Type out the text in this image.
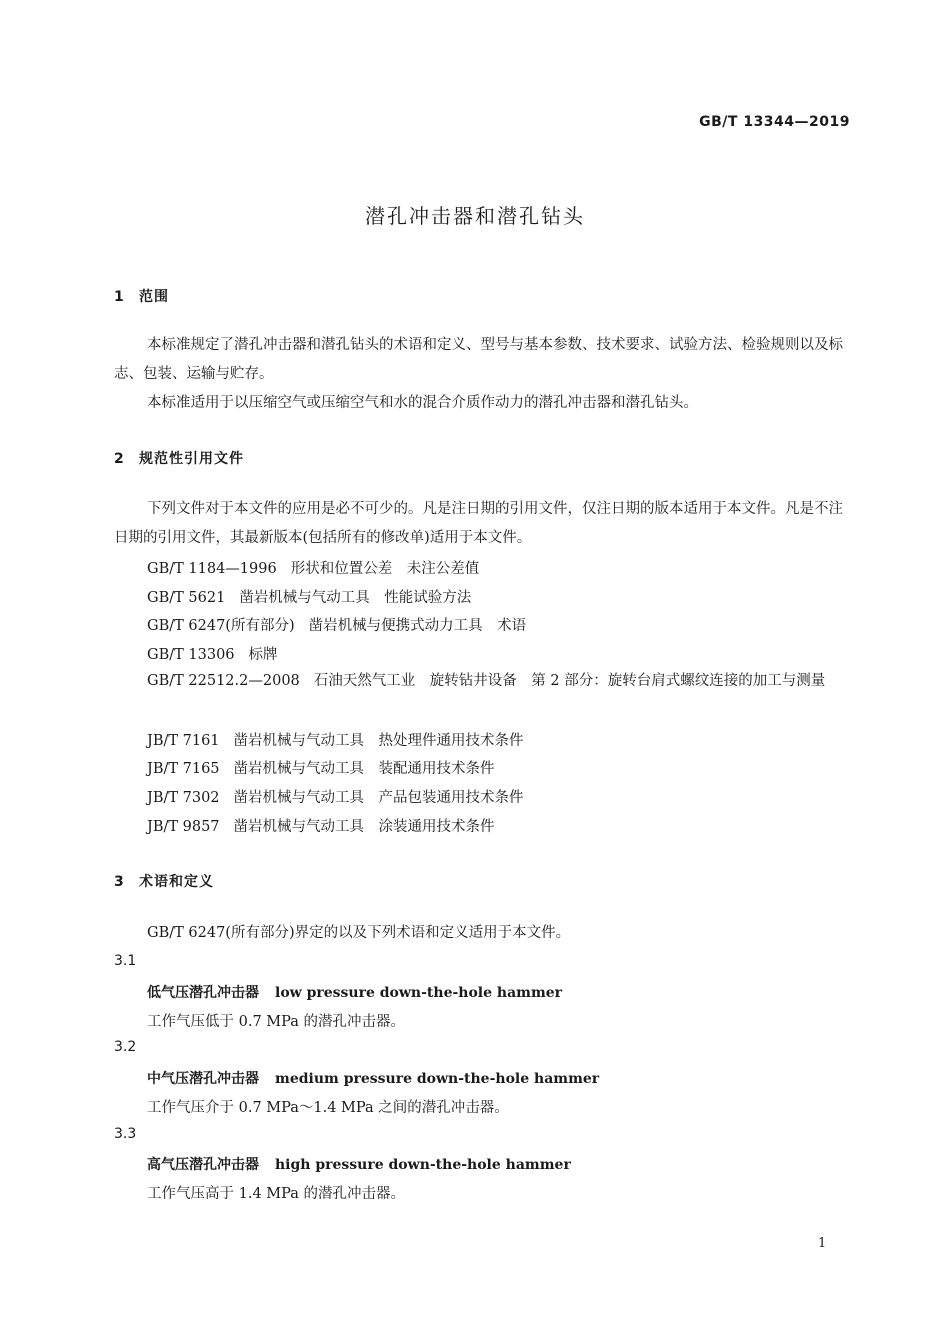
GB/T 13344—2019
潜孔冲击器和潜孔钻头
1 范围

本标准规定了潜孔冲击器和潜孔钻头的术语和定义、型号与基本参数、技术要求、试验方法、检验规则以及标志、包装、运输与贮存。

本标准适用于以压缩空气或压缩空气和水的混合介质作动力的潜孔冲击器和潜孔钻头。

2 规范性引用文件

下列文件对于本文件的应用是必不可少的。凡是注日期的引用文件，仅注日期的版本适用于本文件。凡是不注日期的引用文件，其最新版本(包括所有的修改单)适用于本文件。

GB/T 1184—1996 形状和位置公差　未注公差值
GB/T 5621 凿岩机械与气动工具　性能试验方法
GB/T 6247(所有部分) 凿岩机械与便携式动力工具　术语
GB/T 13306 标牌
GB/T 22512.2—2008 石油天然气工业　旋转钻井设备　第 2 部分：旋转台肩式螺纹连接的加工与测量
JB/T 7161 凿岩机械与气动工具　热处理件通用技术条件
JB/T 7165 凿岩机械与气动工具　装配通用技术条件
JB/T 7302 凿岩机械与气动工具　产品包装通用技术条件
JB/T 9857 凿岩机械与气动工具　涂装通用技术条件
3 术语和定义
GB/T 6247(所有部分)界定的以及下列术语和定义适用于本文件。
3.1
低气压潜孔冲击器 low pressure down-the-hole hammer
工作气压低于 0.7 MPa 的潜孔冲击器。
3.2
中气压潜孔冲击器 medium pressure down-the-hole hammer
工作气压介于 0.7 MPa～1.4 MPa 之间的潜孔冲击器。
3.3
高气压潜孔冲击器 high pressure down-the-hole hammer
工作气压高于 1.4 MPa 的潜孔冲击器。
1
